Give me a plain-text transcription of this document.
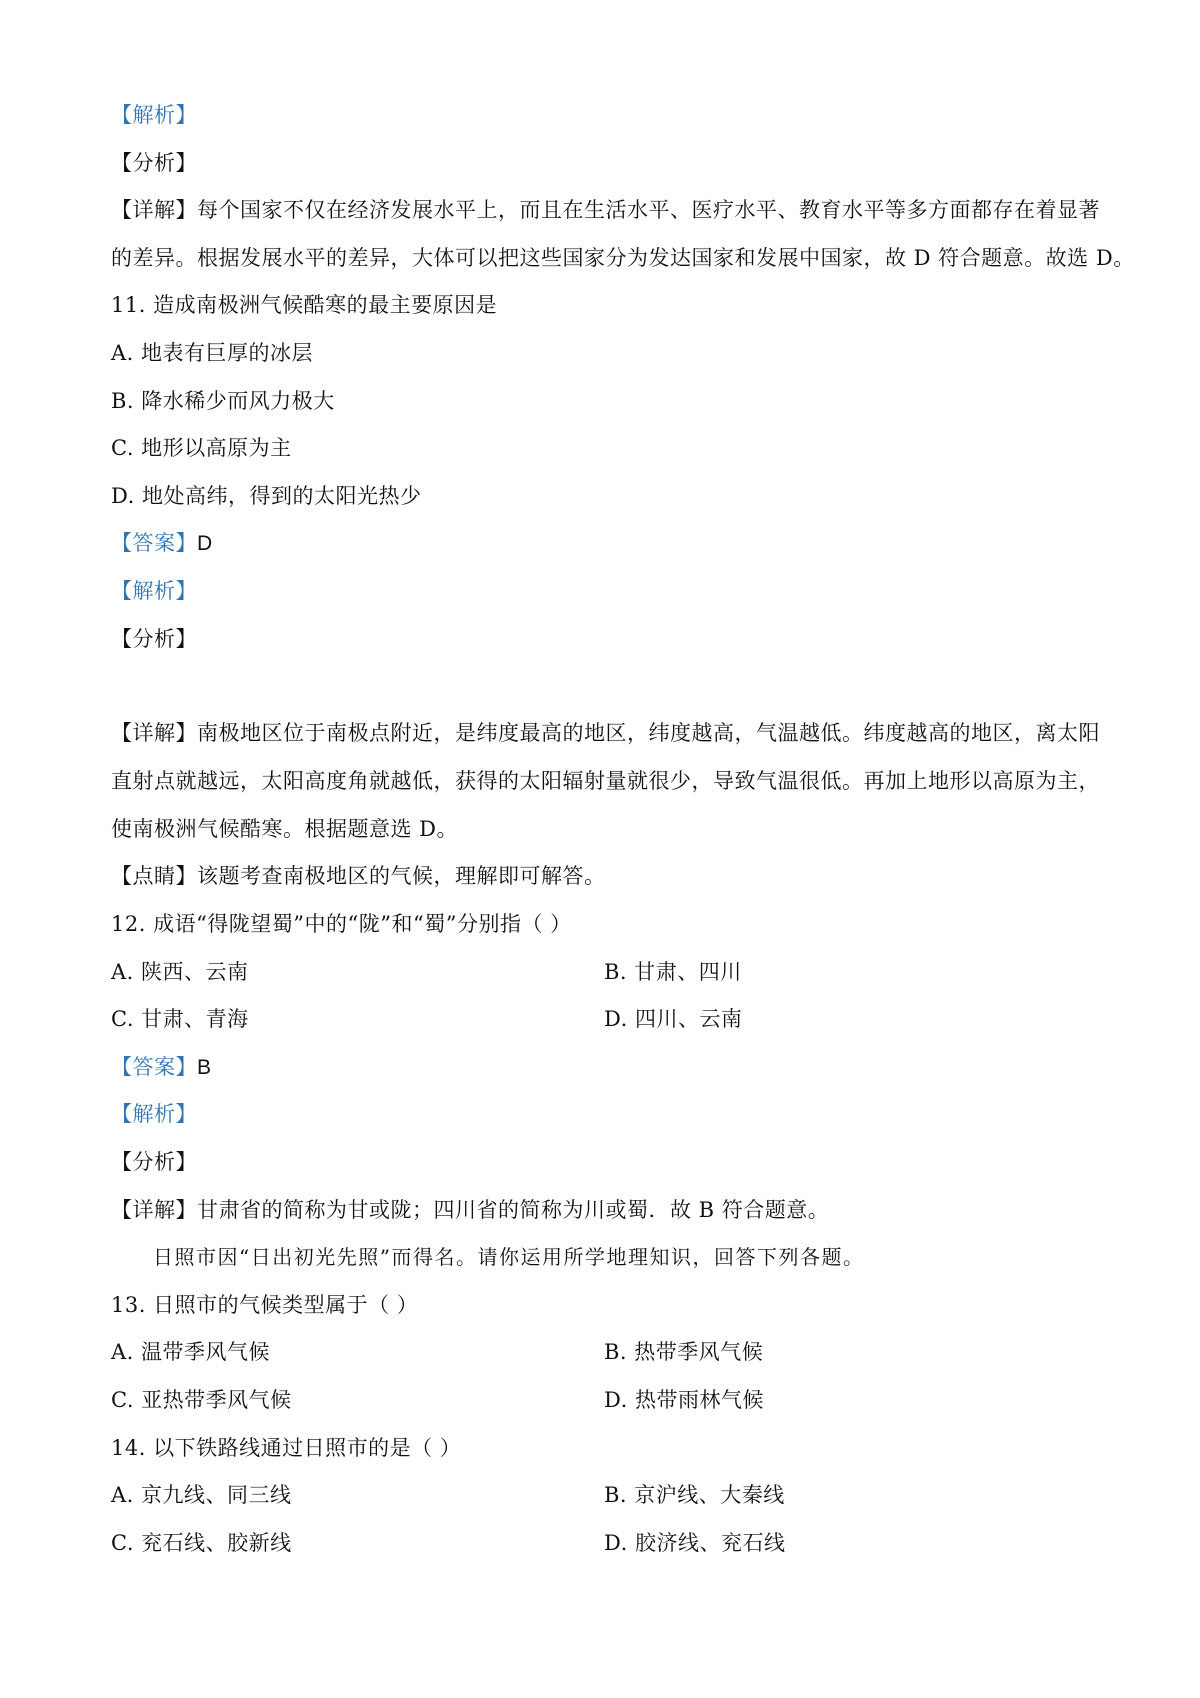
【解析】
【分析】
【详解】每个国家不仅在经济发展水平上，而且在生活水平、医疗水平、教育水平等多方面都存在着显著
的差异。根据发展水平的差异，大体可以把这些国家分为发达国家和发展中国家，故 D 符合题意。故选 D。
11. 造成南极洲气候酷寒的最主要原因是
A. 地表有巨厚的冰层
B. 降水稀少而风力极大
C. 地形以高原为主
D. 地处高纬，得到的太阳光热少
【答案】D
【解析】
【分析】
【详解】南极地区位于南极点附近，是纬度最高的地区，纬度越高，气温越低。纬度越高的地区，离太阳
直射点就越远，太阳高度角就越低，获得的太阳辐射量就很少，导致气温很低。再加上地形以高原为主，
使南极洲气候酷寒。根据题意选 D。
【点睛】该题考查南极地区的气候，理解即可解答。
12. 成语“得陇望蜀”中的“陇”和“蜀”分别指（ ）
A. 陕西、云南	B. 甘肃、四川
C. 甘肃、青海	D. 四川、云南
【答案】B
【解析】
【分析】
【详解】甘肃省的简称为甘或陇；四川省的简称为川或蜀．故 B 符合题意。
日照市因“日出初光先照”而得名。请你运用所学地理知识，回答下列各题。
13. 日照市的气候类型属于（ ）
A. 温带季风气候	B. 热带季风气候
C. 亚热带季风气候	D. 热带雨林气候
14. 以下铁路线通过日照市的是（ ）
A. 京九线、同三线	B. 京沪线、大秦线
C. 兖石线、胶新线	D. 胶济线、兖石线
